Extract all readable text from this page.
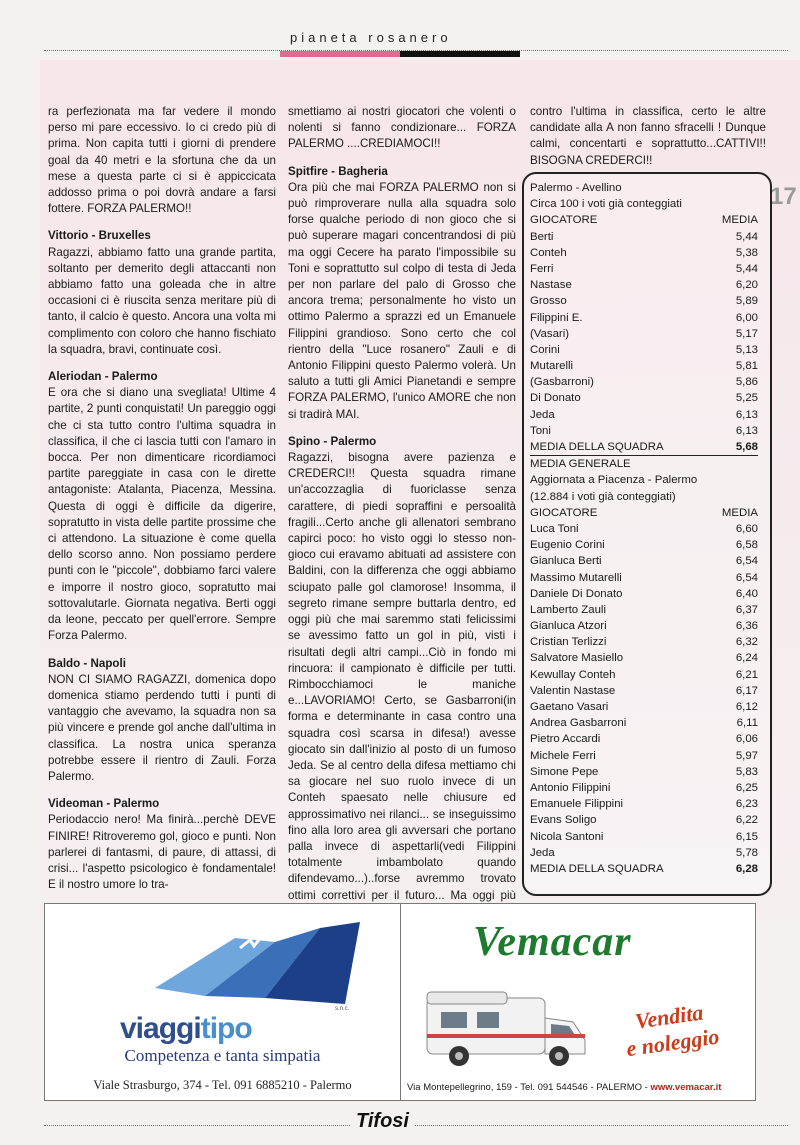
pianeta rosanero
17

ra perfezionata ma far vedere il mondo perso mi pare eccessivo. Io ci credo più di prima. Non capita tutti i giorni di prendere goal da 40 metri e la sfortuna che da un mese a questa parte ci si è appiccicata addosso prima o poi dovrà andare a farsi fottere. FORZA PALERMO!!

Vittorio - Bruxelles

Ragazzi, abbiamo fatto una grande partita, soltanto per demerito degli attaccanti non abbiamo fatto una goleada che in altre occasioni ci è riuscita senza meritare più di tanto, il calcio è questo. Ancora una volta mi complimento con coloro che hanno fischiato la squadra, bravi, continuate così.

Aleriodan - Palermo

E ora che si diano una svegliata! Ultime 4 partite, 2 punti conquistati! Un pareggio oggi che ci sta tutto contro l'ultima squadra in classifica, il che ci lascia tutti con l'amaro in bocca. Per non dimenticare ricordiamoci partite pareggiate in casa con le dirette antagoniste: Atalanta, Piacenza, Messina. Questa di oggi è difficile da digerire, sopratutto in vista delle partite prossime che ci attendono. La situazione è come quella dello scorso anno. Non possiamo perdere punti con le "piccole", dobbiamo farci valere e imporre il nostro gioco, sopratutto mai sottovalutarle. Giornata negativa. Berti oggi da leone, peccato per quell'errore. Sempre Forza Palermo.

Baldo - Napoli

NON CI SIAMO RAGAZZI, domenica dopo domenica stiamo perdendo tutti i punti di vantaggio che avevamo, la squadra non sa più vincere e prende gol anche dall'ultima in classifica. La nostra unica speranza potrebbe essere il rientro di Zauli. Forza Palermo.

Videoman - Palermo

Periodaccio nero! Ma finirà...perchè DEVE FINIRE! Ritroveremo gol, gioco e punti. Non parlerei di fantasmi, di paure, di attassi, di crisi... l'aspetto psicologico è fondamentale! E il nostro umore lo tra-

smettiamo ai nostri giocatori che volenti o nolenti si fanno condizionare... FORZA PALERMO ....CREDIAMOCI!!

Spitfire - Bagheria

Ora più che mai FORZA PALERMO non si può rimproverare nulla alla squadra solo forse qualche periodo di non gioco che si può superare magari concentrandosi di più ma oggi Cecere ha parato l'impossibile su Toni e soprattutto sul colpo di testa di Jeda per non parlare del palo di Grosso che ancora trema; personalmente ho visto un ottimo Palermo a sprazzi ed un Emanuele Filippini grandioso. Sono certo che col rientro della "Luce rosanero" Zauli e di Antonio Filippini questo Palermo volerà. Un saluto a tutti gli Amici Pianetandi e sempre FORZA PALERMO, l'unico AMORE che non si tradirà MAI.

Spino - Palermo

Ragazzi, bisogna avere pazienza e CREDERCI!! Questa squadra rimane un'accozzaglia di fuoriclasse senza carattere, di piedi sopraffini e persoalità fragili...Certo anche gli allenatori sembrano capirci poco: ho visto oggi lo stesso non-gioco cui eravamo abituati ad assistere con Baldini, con la differenza che oggi abbiamo sciupato palle gol clamorose! Insomma, il segreto rimane sempre buttarla dentro, ed oggi più che mai saremmo stati felicissimi se avessimo fatto un gol in più, visti i risultati degli altri campi...Ciò in fondo mi rincuora: il campionato è difficile per tutti. Rimbocchiamoci le maniche e...LAVORIAMO! Certo, se Gasbarroni(in forma e determinante in casa contro una squadra così scarsa in difesa!) avesse giocato sin dall'inizio al posto di un fumoso Jeda. Se al centro della difesa mettiamo chi sa giocare nel suo ruolo invece di un Conteh spaesato nelle chiusure ed approssimativo nei rilanci... se inseguissimo fino alla loro area gli avversari che portano palla invece di aspettarli(vedi Filippini totalmente imbambolato quando difendevamo...)..forse avremmo trovato ottimi correttivi per il futuro... Ma oggi più

contro l'ultima in classifica, certo le altre candidate alla A non fanno sfracelli ! Dunque calmi, concentarti e soprattutto...CATTIVI!! BISOGNA CREDERCI!!

Palermo - Avellino
Circa 100 i voti già conteggiati
GIOCATORE	MEDIA
Berti	5,44
Conteh	5,38
Ferri	5,44
Nastase	6,20
Grosso	5,89
Filippini E.	6,00
(Vasari)	5,17
Corini	5,13
Mutarelli	5,81
(Gasbarroni)	5,86
Di Donato	5,25
Jeda	6,13
Toni	6,13
MEDIA DELLA SQUADRA	5,68
MEDIA GENERALE
Aggiornata a Piacenza - Palermo
(12.884 i voti già conteggiati)
GIOCATORE	MEDIA
Luca Toni	6,60
Eugenio Corini	6,58
Gianluca Berti	6,54
Massimo Mutarelli	6,54
Daniele Di Donato	6,40
Lamberto Zauli	6,37
Gianluca Atzori	6,36
Cristian Terlizzi	6,32
Salvatore Masiello	6,24
Kewullay Conteh	6,21
Valentin Nastase	6,17
Gaetano Vasari	6,12
Andrea Gasbarroni	6,11
Pietro Accardi	6,06
Michele Ferri	5,97
Simone Pepe	5,83
Antonio Filippini	6,25
Emanuele Filippini	6,23
Evans Soligo	6,22
Nicola Santoni	6,15
Jeda	5,78
MEDIA DELLA SQUADRA	6,28
viaggitipo
s.n.c.
Competenza e tanta simpatia
Viale Strasburgo, 374 - Tel. 091 6885210 - Palermo
Vemacar
Vendita
e noleggio
Via Montepellegrino, 159 - Tel. 091 544546 - PALERMO - www.vemacar.it
Tifosi
